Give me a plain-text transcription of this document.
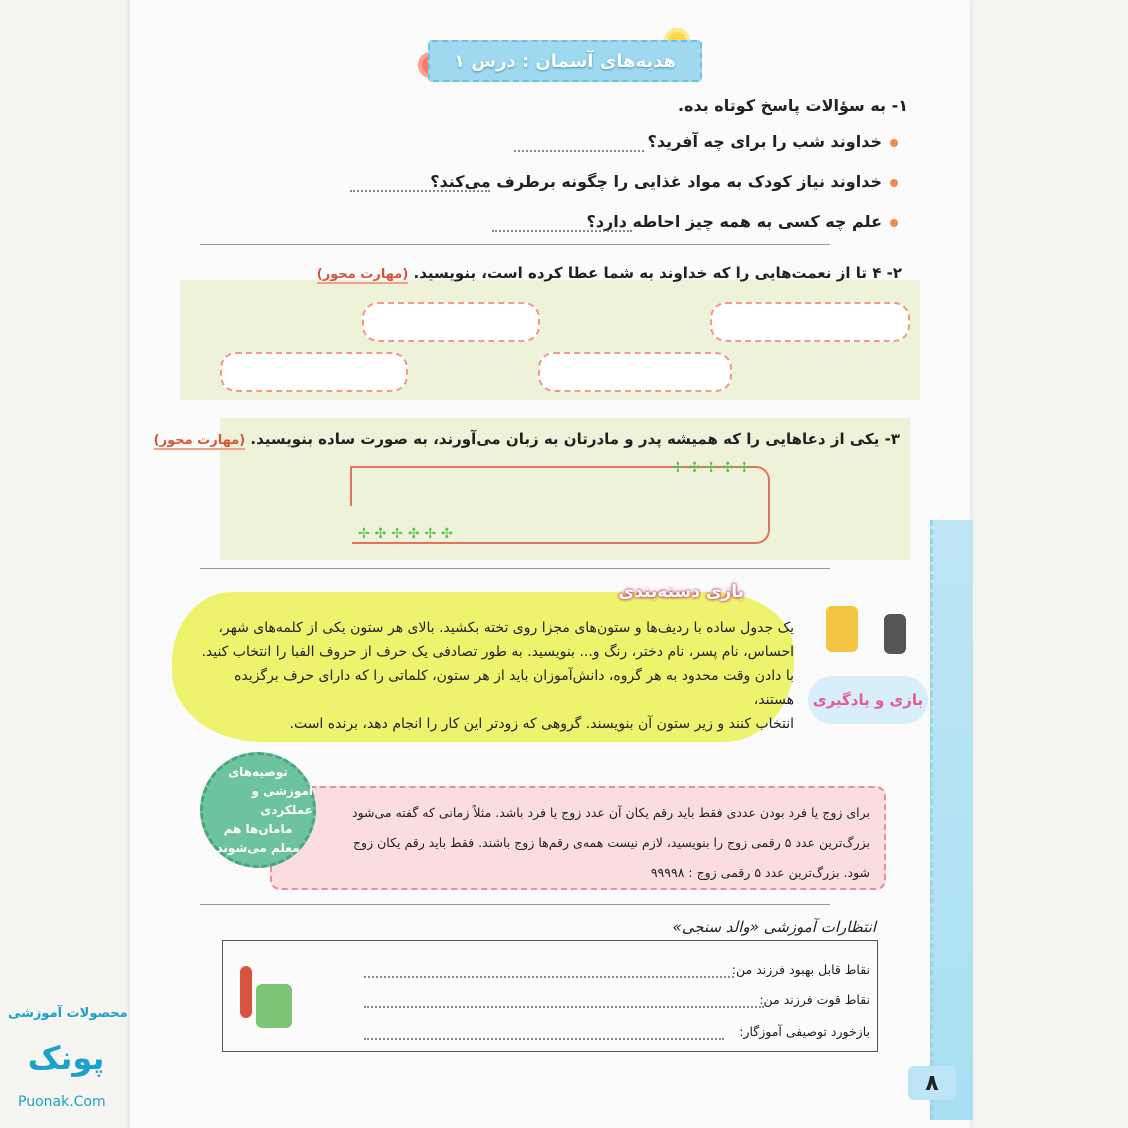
هدیه‌های آسمان : درس ۱
۱- به سؤالات پاسخ کوتاه بده.
خداوند شب را برای چه آفرید؟
خداوند نیاز کودک به مواد غذایی را چگونه برطرف می‌کند؟
علم چه کسی به همه چیز احاطه دارد؟
۲- ۴ تا از نعمت‌هایی را که خداوند به شما عطا کرده است، بنویسید. (مهارت محور)
۳- یکی از دعاهایی را که همیشه پدر و مادرتان به زبان می‌آورند، به صورت ساده بنویسید. (مهارت محور)
✢ ✣ ✢ ✣ ✢
✢ ✣ ✢ ✣ ✢ ✣
بازی دسته‌بندی
یک جدول ساده با ردیف‌ها و ستون‌های مجزا روی تخته بکشید. بالای هر ستون یکی از کلمه‌های شهر،
احساس، نام پسر، نام دختر، رنگ و... بنویسید. به طور تصادفی یک حرف از حروف الفبا را انتخاب کنید.
با دادن وقت محدود به هر گروه، دانش‌آموزان باید از هر ستون، کلماتی را که دارای حرف برگزیده هستند،
انتخاب کنند و زیر ستون آن بنویسند. گروهی که زودتر این کار را انجام دهد، برنده است.
بازی و یادگیری
برای زوج یا فرد بودن عددی فقط باید رقم یکان آن عدد زوج یا فرد باشد. مثلاً زمانی که گفته می‌شود
بزرگ‌ترین عدد ۵ رقمی زوج را بنویسید، لازم نیست همه‌ی رقم‌ها زوج باشند. فقط باید رقم یکان زوج
شود. بزرگ‌ترین عدد ۵ رقمی زوج : ۹۹۹۹۸
توصیه‌های
آموزشی و عملکردی
مامان‌ها هم
معلم می‌شوند
انتظارات آموزشی «والد سنجی»
نقاط قابل بهبود فرزند من:
نقاط قوت فرزند من:
بازخورد توصیفی آموزگار:
۸
محصولات آموزشی
پونک
Puonak.Com
